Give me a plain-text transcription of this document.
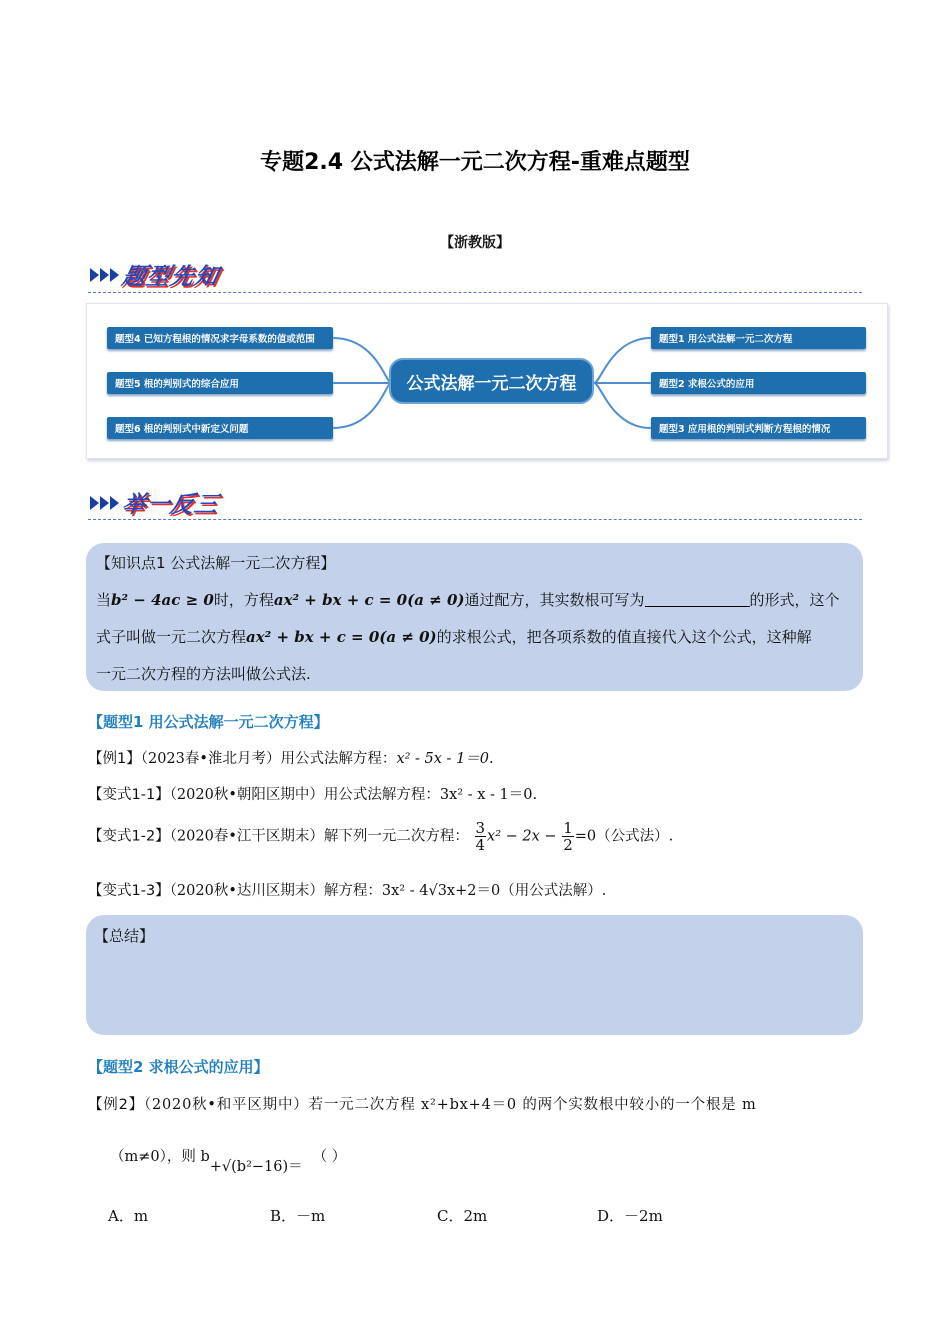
专题2.4 公式法解一元二次方程-重难点题型
【浙教版】
题型先知
题型4 已知方程根的情况求字母系数的值或范围
题型5 根的判别式的综合应用
题型6 根的判别式中新定义问题
公式法解一元二次方程
题型1 用公式法解一元二次方程
题型2 求根公式的应用
题型3 应用根的判别式判断方程根的情况
举一反三
【知识点1 公式法解一元二次方程】
当b² − 4ac ≥ 0时，方程ax² + bx + c = 0(a ≠ 0)通过配方，其实数根可写为	的形式，这个
式子叫做一元二次方程ax² + bx + c = 0(a ≠ 0)的求根公式，把各项系数的值直接代入这个公式，这种解
一元二次方程的方法叫做公式法.
【题型1 用公式法解一元二次方程】
【例1】（2023春•淮北月考）用公式法解方程：x² - 5x - 1＝0.
【变式1-1】（2020秋•朝阳区期中）用公式法解方程：3x² - x - 1＝0.
【变式1-2】（2020春•江干区期末）解下列一元二次方程： $\frac{3}{4} x^2 - 2x - \frac{1}{2} =0$（公式法）.
【变式1-3】（2020秋•达川区期末）解方程：3x² - 4√3x+2＝0（用公式法解）.
【总结】
【题型2 求根公式的应用】
【例2】（2020秋•和平区期中）若一元二次方程 x²+bx+4＝0 的两个实数根中较小的一个根是 m
（m≠0），则 b+√(b²−16)＝（ ）
A．m	B．－m	C．2m	D．－2m
